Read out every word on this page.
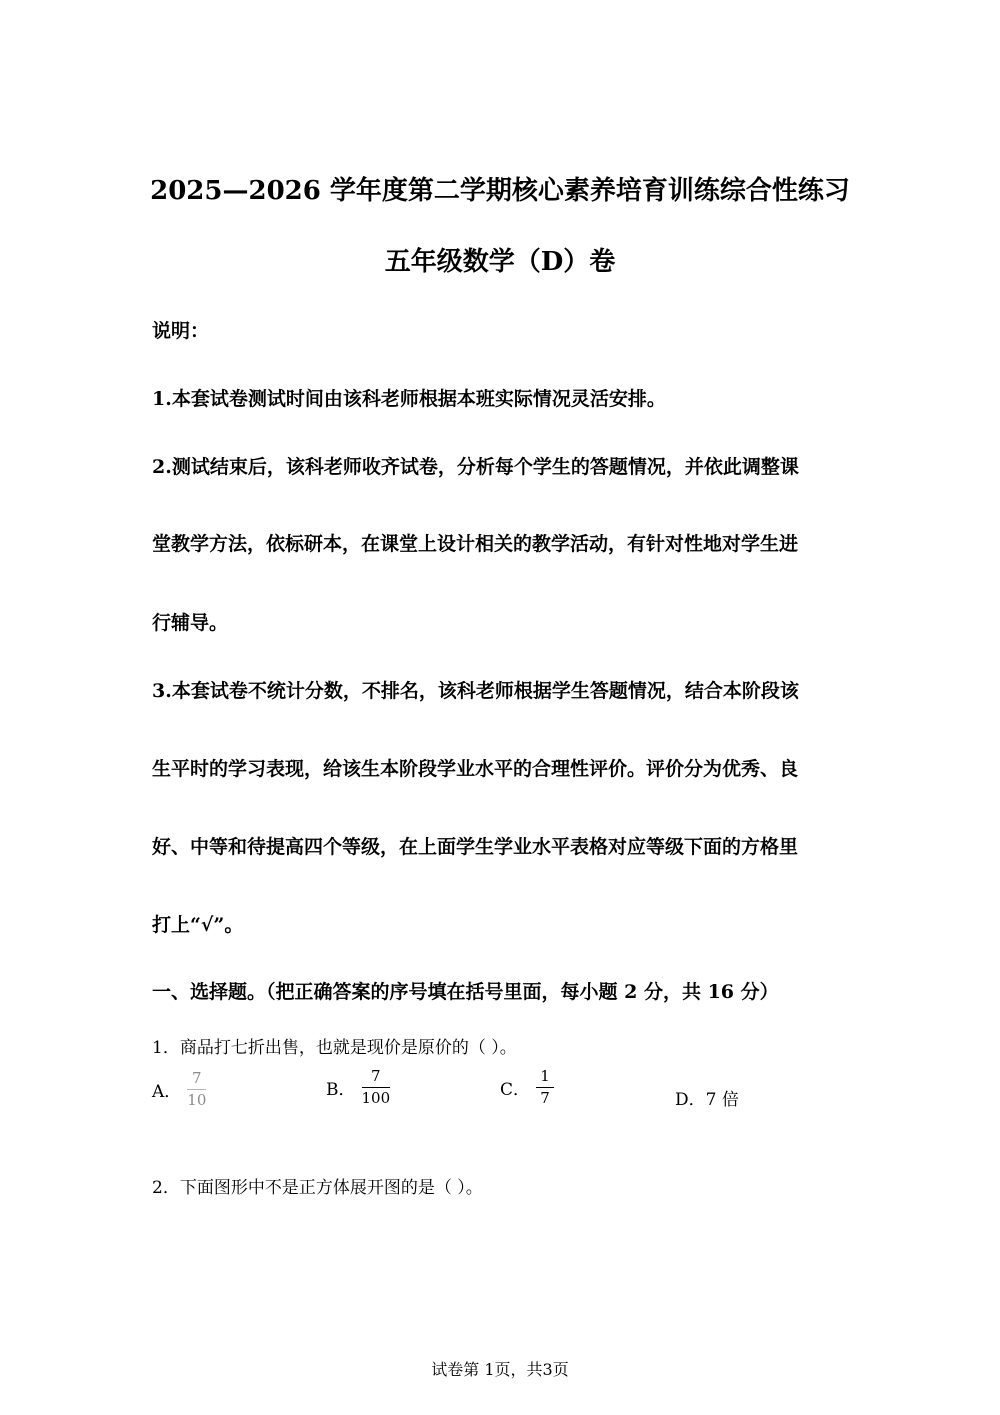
2025—2026 学年度第二学期核心素养培育训练综合性练习
五年级数学（D）卷
说明：
1.本套试卷测试时间由该科老师根据本班实际情况灵活安排。
2.测试结束后，该科老师收齐试卷，分析每个学生的答题情况，并依此调整课
堂教学方法，依标研本，在课堂上设计相关的教学活动，有针对性地对学生进
行辅导。
3.本套试卷不统计分数，不排名，该科老师根据学生答题情况，结合本阶段该
生平时的学习表现，给该生本阶段学业水平的合理性评价。评价分为优秀、良
好、中等和待提高四个等级，在上面学生学业水平表格对应等级下面的方格里
打上“√”。
一、选择题。（把正确答案的序号填在括号里面，每小题 2 分，共 16 分）
1．商品打七折出售，也就是现价是原价的（ ）。
A． $\frac{7}{10}$	B． $\frac{7}{100}$	C． $\frac{1}{7}$	D．7 倍
2．下面图形中不是正方体展开图的是（ ）。
试卷第 1页，共3页
